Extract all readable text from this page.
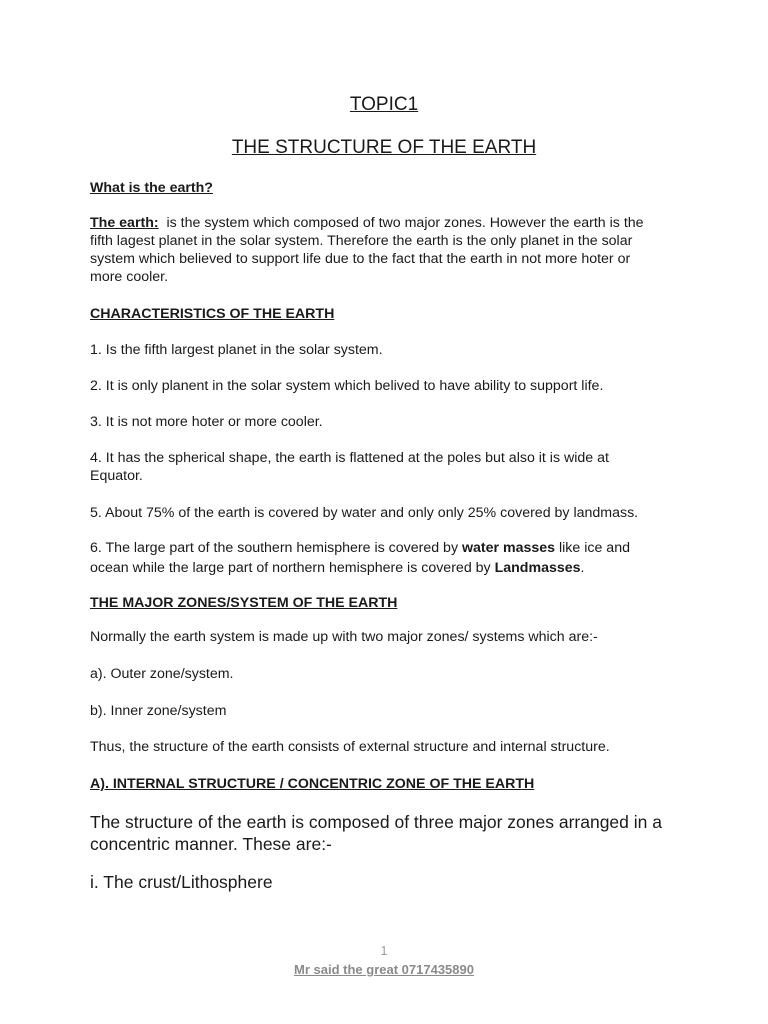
TOPIC1

THE STRUCTURE OF THE EARTH

What is the earth?

The earth: is the system which composed of two major zones. However the earth is the

fifth lagest planet in the solar system. Therefore the earth is the only planet in the solar

system which believed to support life due to the fact that the earth in not more hoter or

more cooler.

CHARACTERISTICS OF THE EARTH

1. Is the fifth largest planet in the solar system.

2. It is only planent in the solar system which belived to have ability to support life.

3. It is not more hoter or more cooler.

4. It has the spherical shape, the earth is flattened at the poles but also it is wide at

Equator.

5. About 75% of the earth is covered by water and only only 25% covered by landmass.

6. The large part of the southern hemisphere is covered by water masses like ice and

ocean while the large part of northern hemisphere is covered by Landmasses.

THE MAJOR ZONES/SYSTEM OF THE EARTH

Normally the earth system is made up with two major zones/ systems which are:-

a). Outer zone/system.

b). Inner zone/system

Thus, the structure of the earth consists of external structure and internal structure.

A). INTERNAL STRUCTURE / CONCENTRIC ZONE OF THE EARTH

The structure of the earth is composed of three major zones arranged in a

concentric manner. These are:-

i. The crust/Lithosphere

1
Mr said the great 0717435890
